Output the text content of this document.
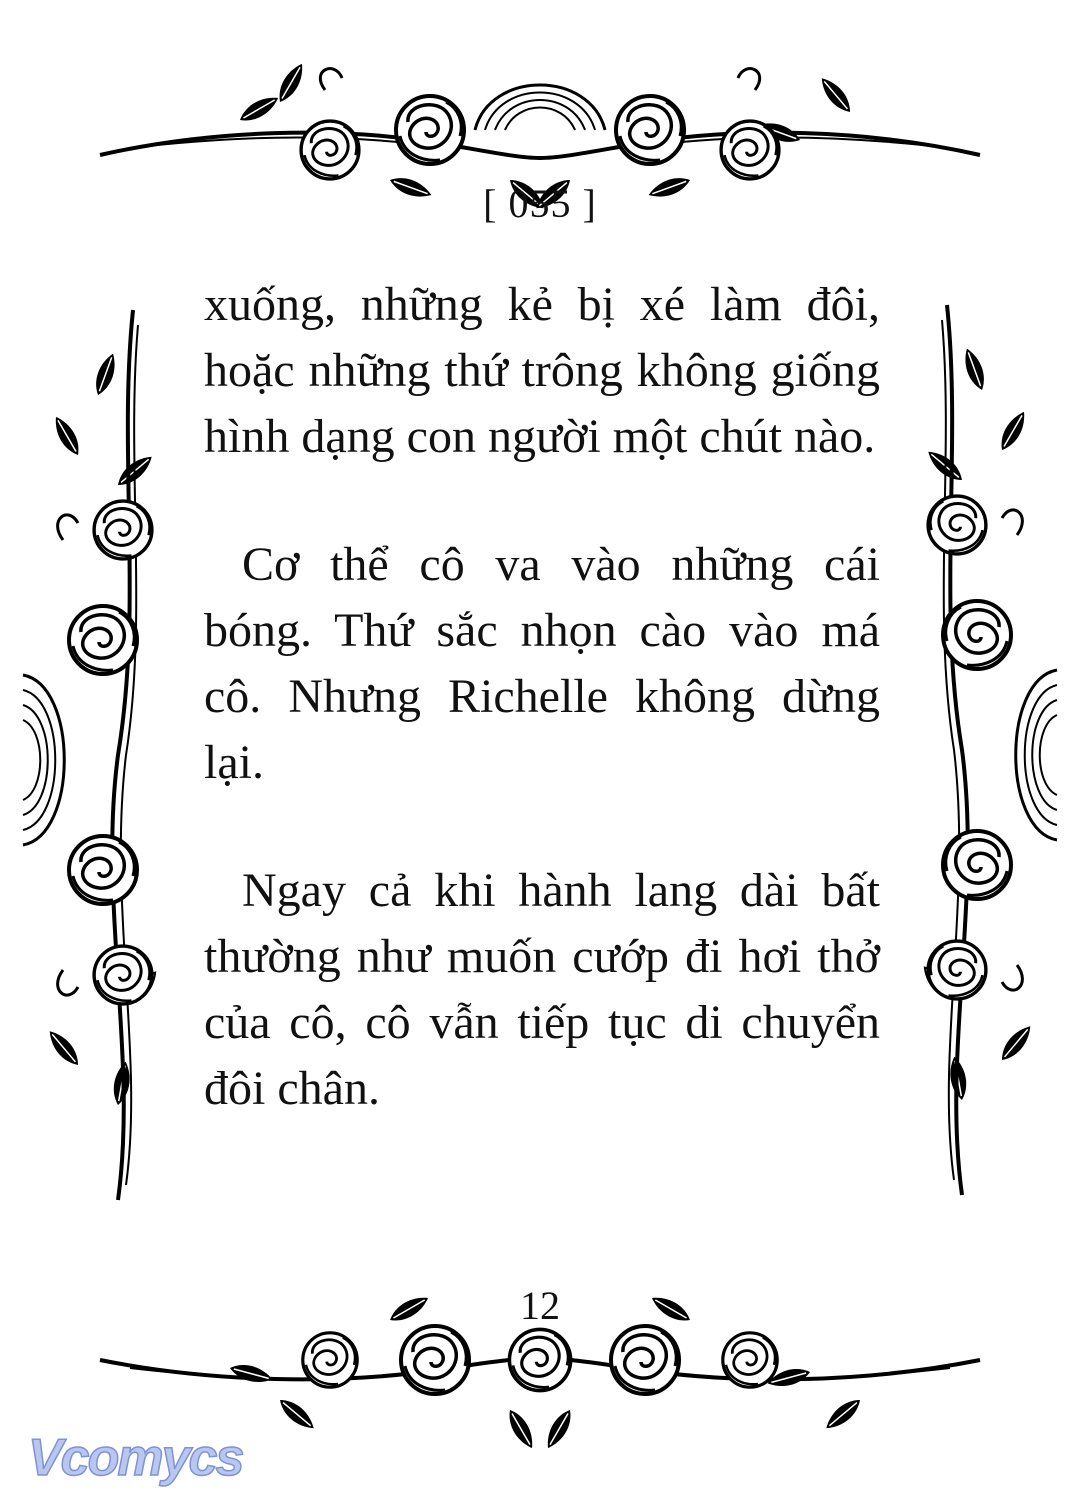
[ 055 ]

xuống, những kẻ bị xé làm đôi, hoặc những thứ trông không giống hình dạng con người một chút nào.

Cơ thể cô va vào những cái bóng. Thứ sắc nhọn cào vào má cô. Nhưng Richelle không dừng lại.

Ngay cả khi hành lang dài bất thường như muốn cướp đi hơi thở của cô, cô vẫn tiếp tục di chuyển đôi chân.

12
Vcomycs
